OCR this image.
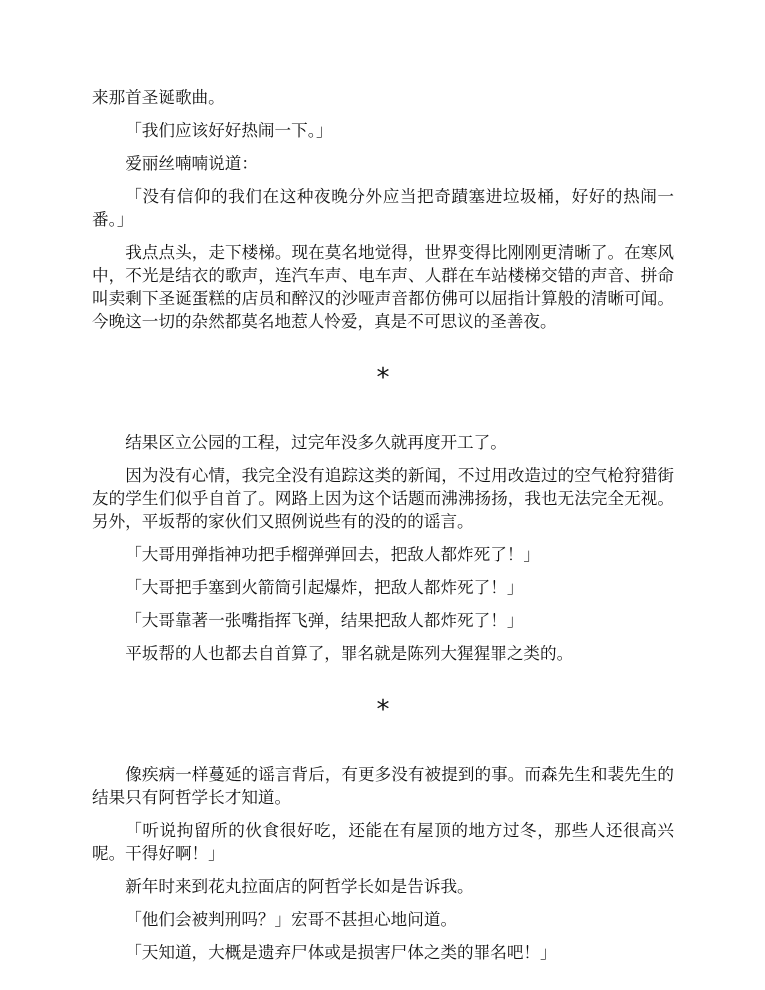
来那首圣诞歌曲。

「我们应该好好热闹一下。」

爱丽丝喃喃说道：

「没有信仰的我们在这种夜晚分外应当把奇蹟塞进垃圾桶，好好的热闹一番。」

我点点头，走下楼梯。现在莫名地觉得，世界变得比刚刚更清晰了。在寒风中，不光是结衣的歌声，连汽车声、电车声、人群在车站楼梯交错的声音、拼命叫卖剩下圣诞蛋糕的店员和醉汉的沙哑声音都仿佛可以屈指计算般的清晰可闻。今晚这一切的杂然都莫名地惹人怜爱，真是不可思议的圣善夜。

*

结果区立公园的工程，过完年没多久就再度开工了。

因为没有心情，我完全没有追踪这类的新闻，不过用改造过的空气枪狩猎街友的学生们似乎自首了。网路上因为这个话题而沸沸扬扬，我也无法完全无视。另外，平坂帮的家伙们又照例说些有的没的的谣言。

「大哥用弹指神功把手榴弹弹回去，把敌人都炸死了！」

「大哥把手塞到火箭筒引起爆炸，把敌人都炸死了！」

「大哥靠著一张嘴指挥飞弹，结果把敌人都炸死了！」

平坂帮的人也都去自首算了，罪名就是陈列大猩猩罪之类的。

*

像疾病一样蔓延的谣言背后，有更多没有被提到的事。而森先生和裴先生的结果只有阿哲学长才知道。

「听说拘留所的伙食很好吃，还能在有屋顶的地方过冬，那些人还很高兴呢。干得好啊！」

新年时来到花丸拉面店的阿哲学长如是告诉我。

「他们会被判刑吗？」宏哥不甚担心地问道。

「天知道，大概是遗弃尸体或是损害尸体之类的罪名吧！」
